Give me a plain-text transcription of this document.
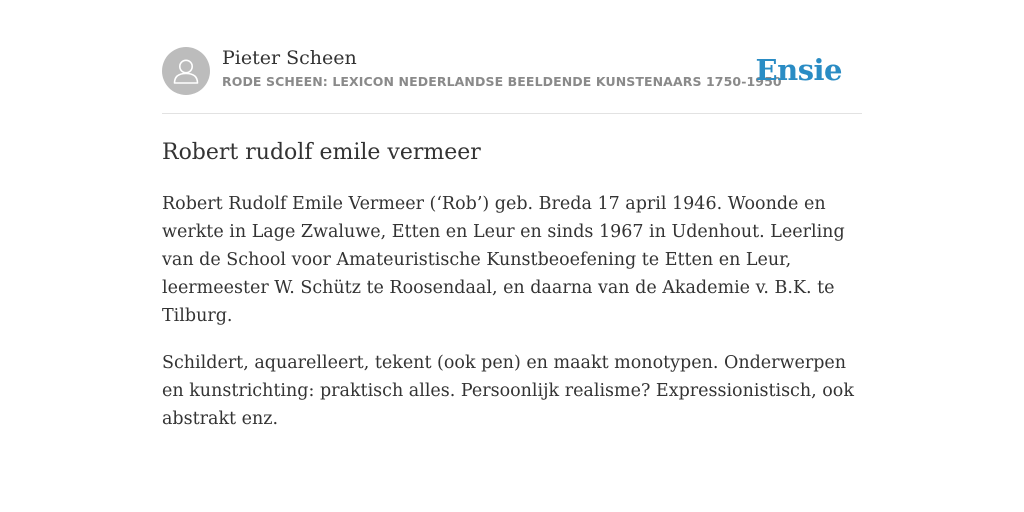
Pieter Scheen
RODE SCHEEN: LEXICON NEDERLANDSE BEELDENDE KUNSTENAARS 1750-1950
Ensie
Robert rudolf emile vermeer

Robert Rudolf Emile Vermeer (‘Rob’) geb. Breda 17 april 1946. Woonde en werkte in Lage Zwaluwe, Etten en Leur en sinds 1967 in Udenhout. Leerling van de School voor Amateuristische Kunstbeoefening te Etten en Leur, leermeester W. Schütz te Roosendaal, en daarna van de Akademie v. B.K. te Tilburg.

Schildert, aquarelleert, tekent (ook pen) en maakt monotypen. Onderwerpen en kunstrichting: praktisch alles. Persoonlijk realisme? Expressionistisch, ook abstrakt enz.
